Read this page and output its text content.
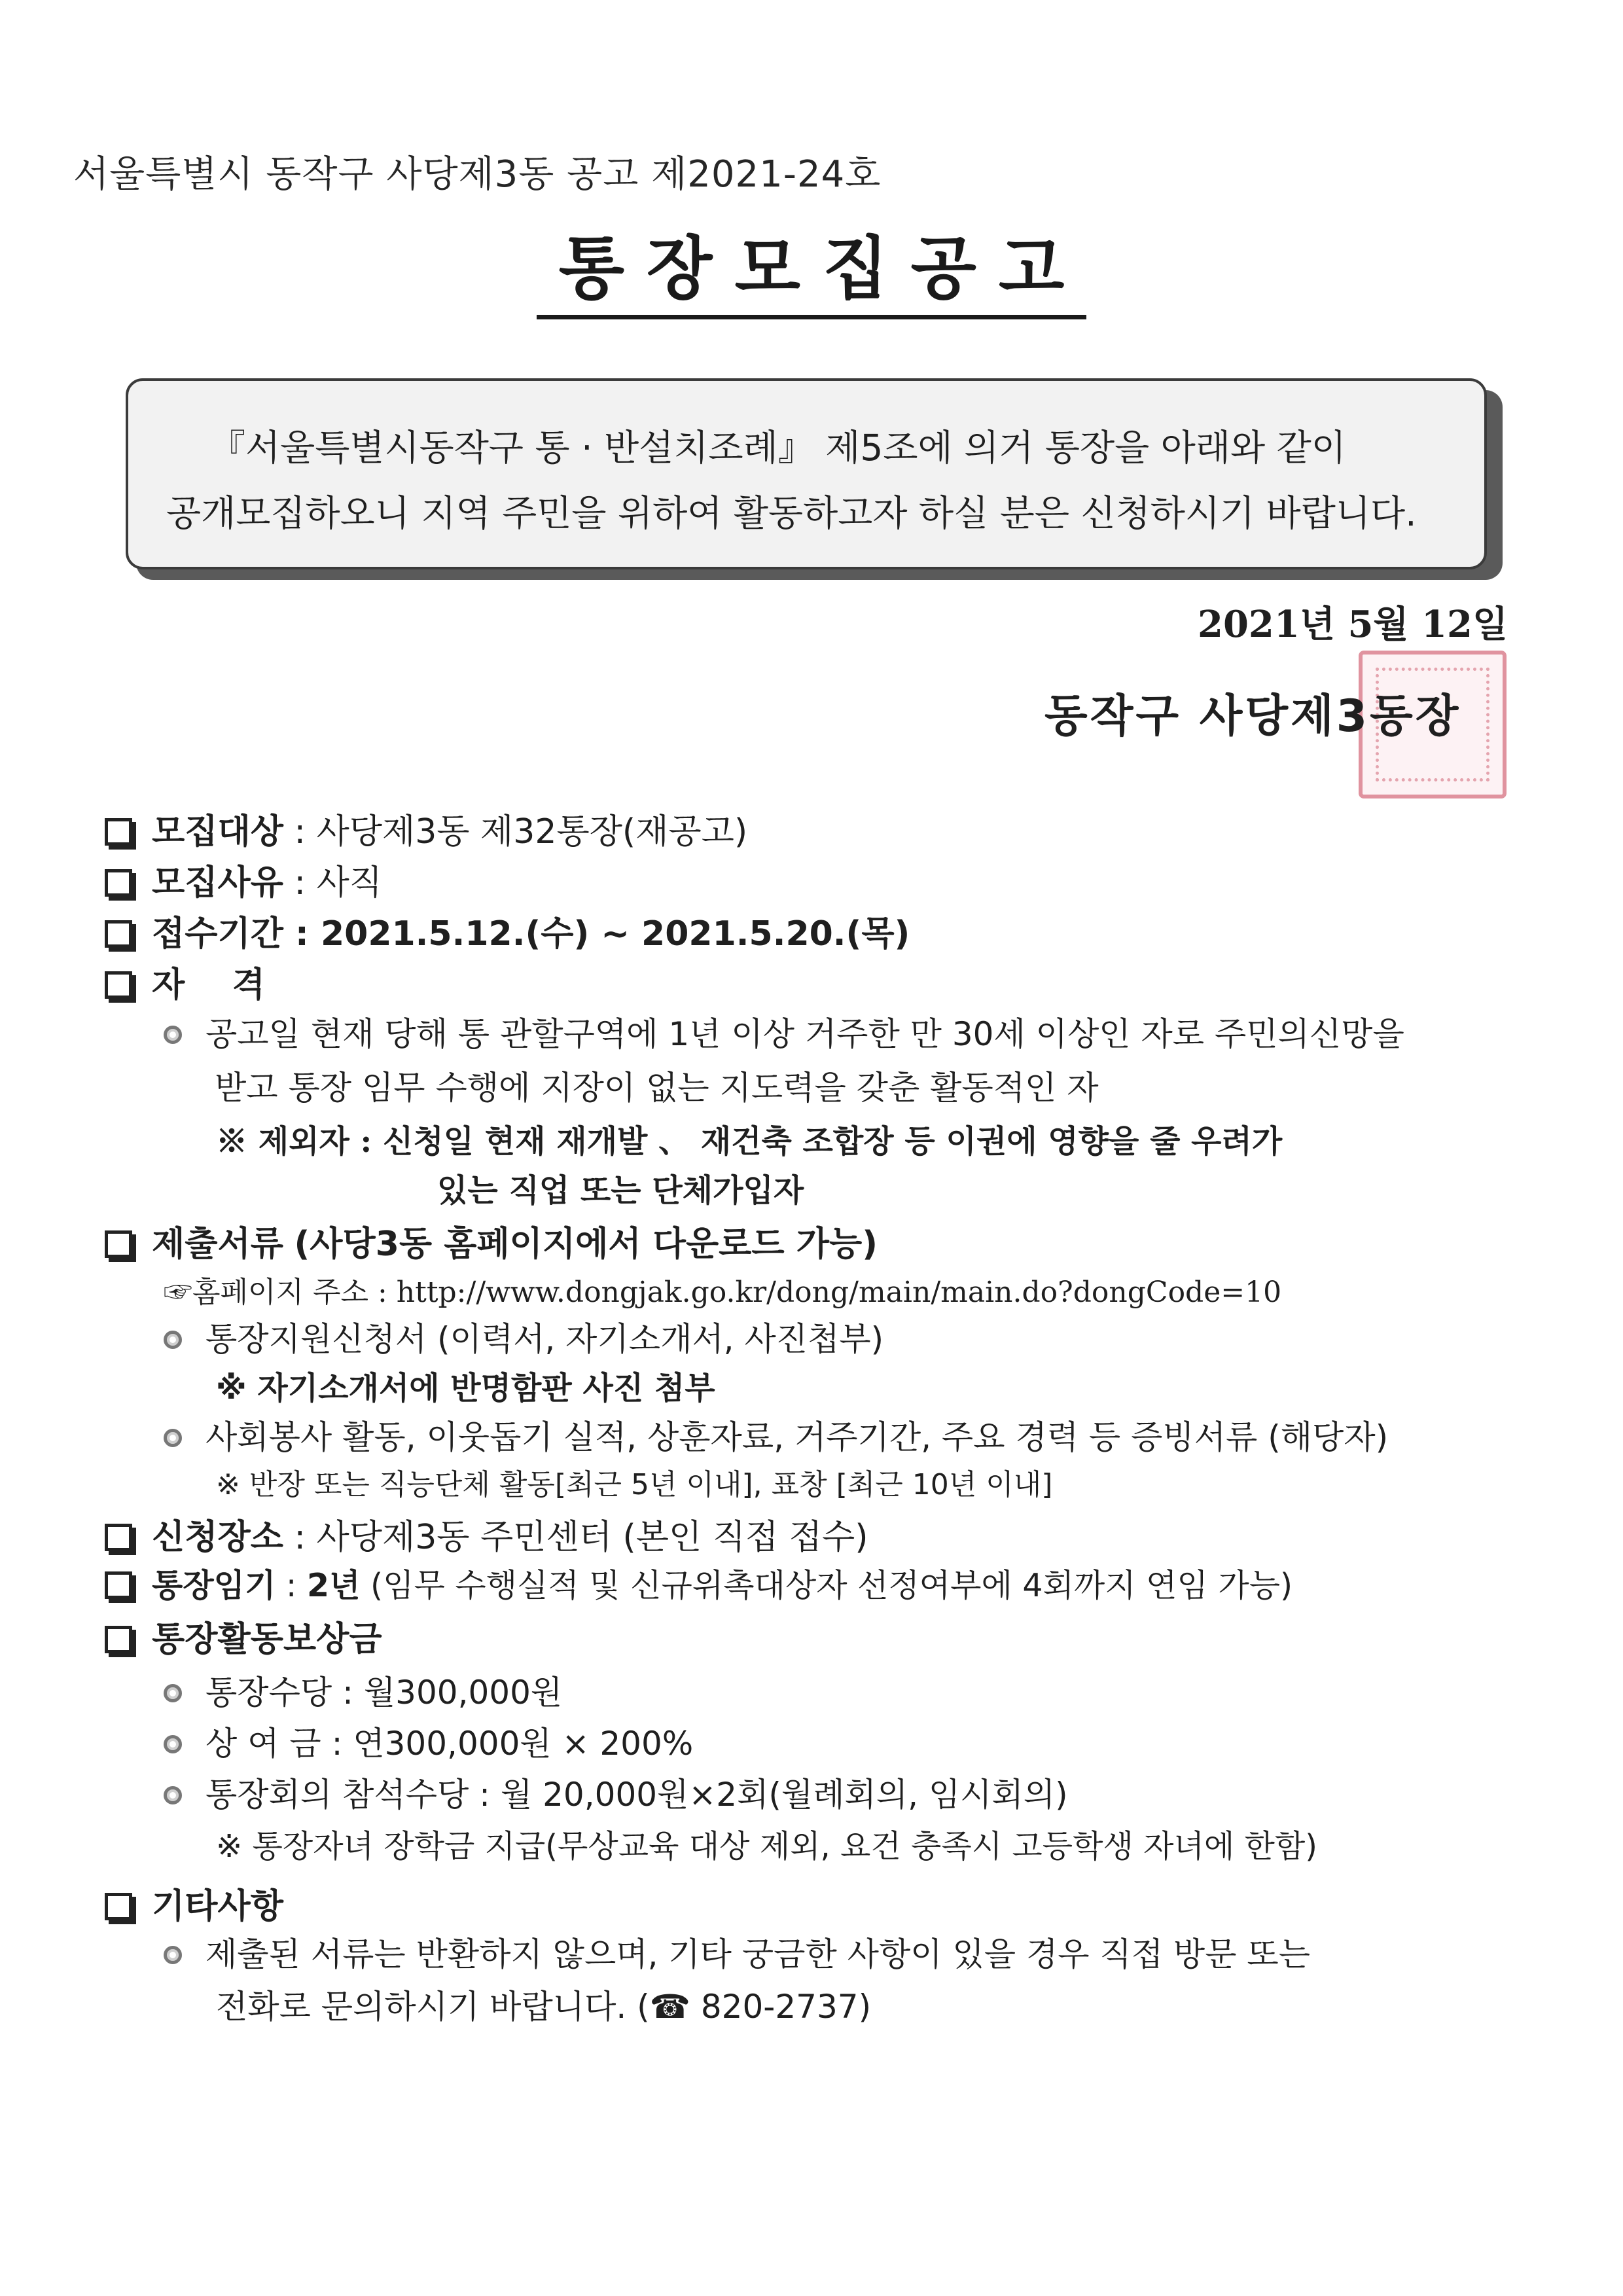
서울특별시 동작구 사당제3동 공고 제2021-24호
통장모집공고
『서울특별시동작구 통 · 반설치조례』 제5조에 의거 통장을 아래와 같이
공개모집하오니 지역 주민을 위하여 활동하고자 하실 분은 신청하시기 바랍니다.
2021년 5월 12일
동작구 사당제3동장
모집대상 : 사당제3동 제32통장(재공고)
모집사유 : 사직
접수기간 : 2021.5.12.(수) ~ 2021.5.20.(목)
자    격
공고일 현재 당해 통 관할구역에 1년 이상 거주한 만 30세 이상인 자로 주민의신망을
받고 통장 임무 수행에 지장이 없는 지도력을 갖춘 활동적인 자
※ 제외자 : 신청일 현재 재개발 、 재건축 조합장 등 이권에 영향을 줄 우려가
있는 직업 또는 단체가입자
제출서류 (사당3동 홈페이지에서 다운로드 가능)
☞홈페이지 주소 : http://www.dongjak.go.kr/dong/main/main.do?dongCode=10
통장지원신청서 (이력서, 자기소개서, 사진첩부)
※ 자기소개서에 반명함판 사진 첨부
사회봉사 활동, 이웃돕기 실적, 상훈자료, 거주기간, 주요 경력 등 증빙서류 (해당자)
※ 반장 또는 직능단체 활동[최근 5년 이내], 표창 [최근 10년 이내]
신청장소 : 사당제3동 주민센터 (본인 직접 접수)
통장임기 : 2년 (임무 수행실적 및 신규위촉대상자 선정여부에 4회까지 연임 가능)
통장활동보상금
통장수당 : 월300,000원
상 여 금 : 연300,000원 × 200%
통장회의 참석수당 : 월 20,000원×2회(월례회의, 임시회의)
※ 통장자녀 장학금 지급(무상교육 대상 제외, 요건 충족시 고등학생 자녀에 한함)
기타사항
제출된 서류는 반환하지 않으며, 기타 궁금한 사항이 있을 경우 직접 방문 또는
전화로 문의하시기 바랍니다. (☎ 820-2737)
